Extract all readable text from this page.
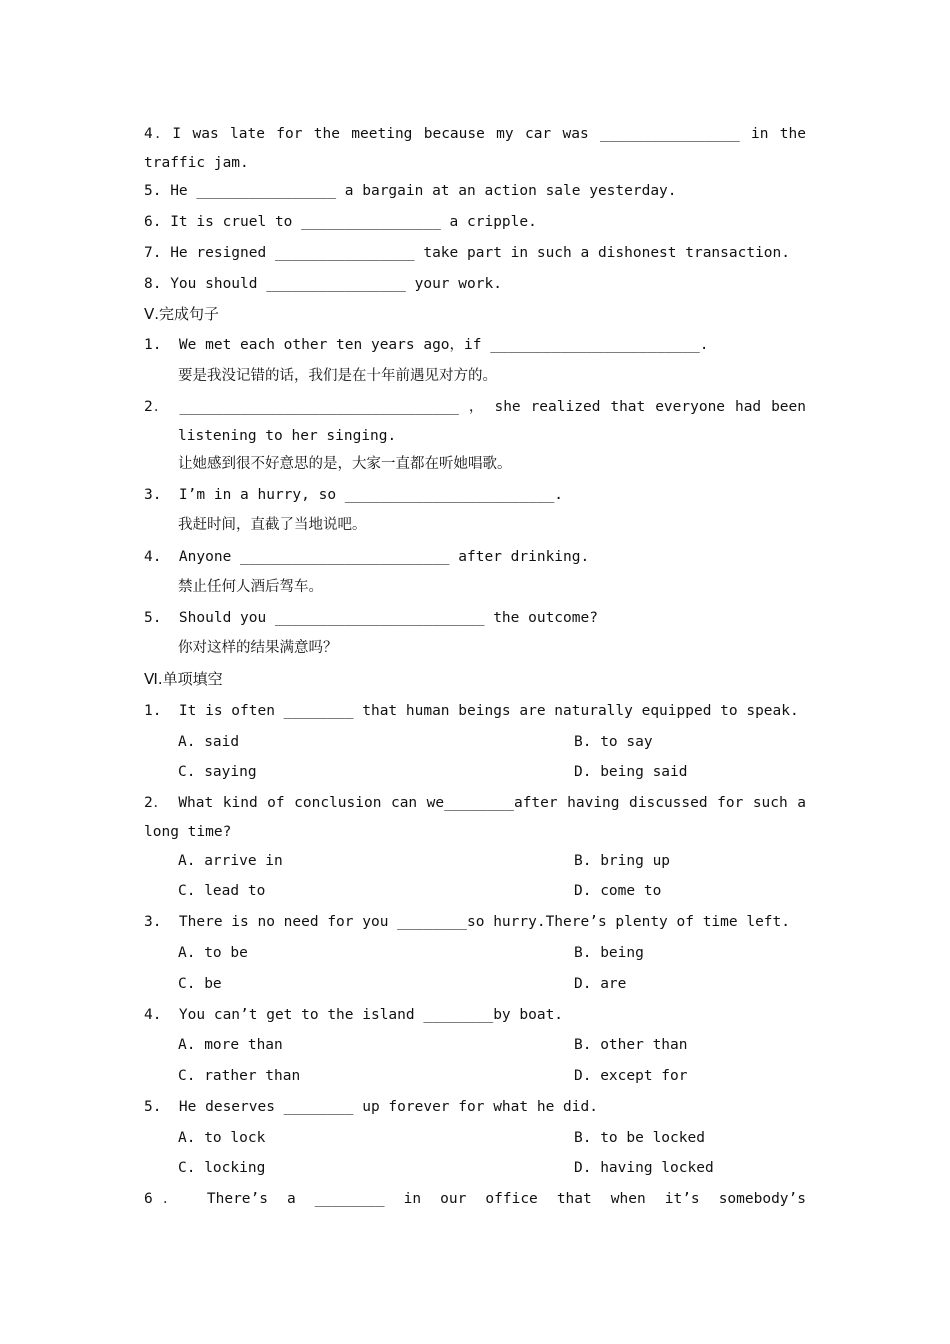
4．I was late for the meeting because my car was ________________ in the
traffic jam.
5. He ________________ a bargain at an action sale yesterday.
6. It is cruel to ________________ a cripple.
7. He resigned ________________ take part in such a dishonest transaction.
8. You should ________________ your work.
Ⅴ.完成句子
1.  We met each other ten years ago，if ________________________.
要是我没记错的话，我们是在十年前遇见对方的。
2． ________________________________ ， she realized that everyone had been
listening to her singing.
让她感到很不好意思的是，大家一直都在听她唱歌。
3.  I’m in a hurry, so ________________________.
我赶时间，直截了当地说吧。
4.  Anyone ________________________ after drinking.
禁止任何人酒后驾车。
5.  Should you ________________________ the outcome?
你对这样的结果满意吗？
Ⅵ.单项填空
1.  It is often ________ that human beings are naturally equipped to speak.
A. said	B. to say
C. saying	D. being said
2． What kind of conclusion can we________after having discussed for such a
long time?
A. arrive in	B. bring up
C. lead to	D. come to
3.  There is no need for you ________so hurry.There’s plenty of time left.
A. to be	B. being
C. be	D. are
4.  You can’t get to the island ________by boat.
A. more than	B. other than
C. rather than	D. except for
5.  He deserves ________ up forever for what he did.
A. to lock	B. to be locked
C. locking	D. having locked
6． There’s a ________ in our office that when it’s somebody’s
